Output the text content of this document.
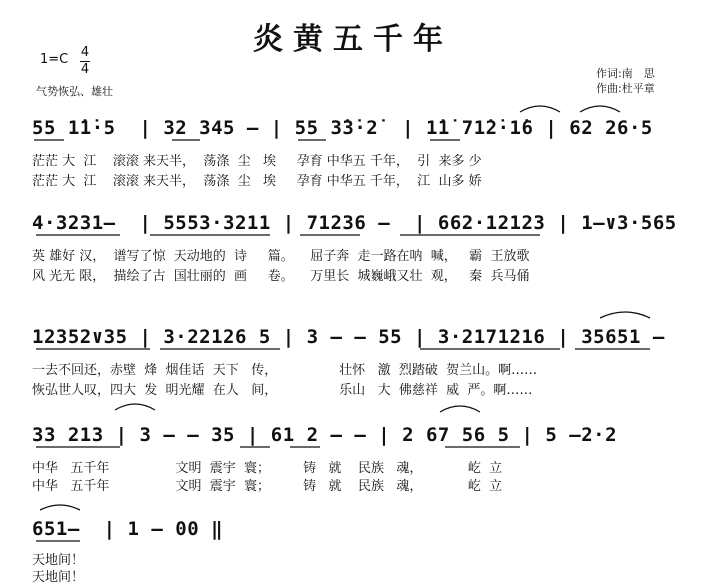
炎黄五千年
1=C 4
4
气势恢弘、雄壮
作词:南　思
作曲:杜平章
55 1̇1̇·5  | 32 345 – | 55 3̇3̇·2̇  | 1̇1̇ 71̇2̇·1̇6 | 62 26·5
茫茫 大  江    滚滚 来天半，  荡涤  尘   埃     孕育 中华五 千年，  引  来多 少
茫茫 大  江    滚滚 来天半，  荡涤  尘   埃     孕育 中华五 千年，  江  山多 娇
4·3231–  | 5553·3211 | 71236 –  | 662·12123 | 1–∨3·565
英 雄好 汉，  谱写了惊  天动地的  诗     篇。    屈子奔  走一路在呐  喊，   霸  王放歌
风 光无 限，  描绘了古  国壮丽的  画     卷。    万里长  城巍峨又壮  观，   秦  兵马俑
12352∨35 | 3·22126 5 | 3 – – 55 | 3·2171216 | 35651 –
一去不回还，赤壁  烽  烟佳话  天下   传，               壮怀   激  烈踏破  贺兰山。啊……
恢弘世人叹，四大  发  明光耀  在人   间，               乐山   大  佛慈祥  威  严。啊……
33 213 | 3 – – 35 | 61 2 – – | 2 67 56 5 | 5 –2·2
中华   五千年                文明  震宇  寰；        铸   就    民族   魂，           屹  立
中华   五千年                文明  震宇  寰；        铸   就    民族   魂，           屹  立
651–  | 1 – 00 ‖
天地间！
天地间！
